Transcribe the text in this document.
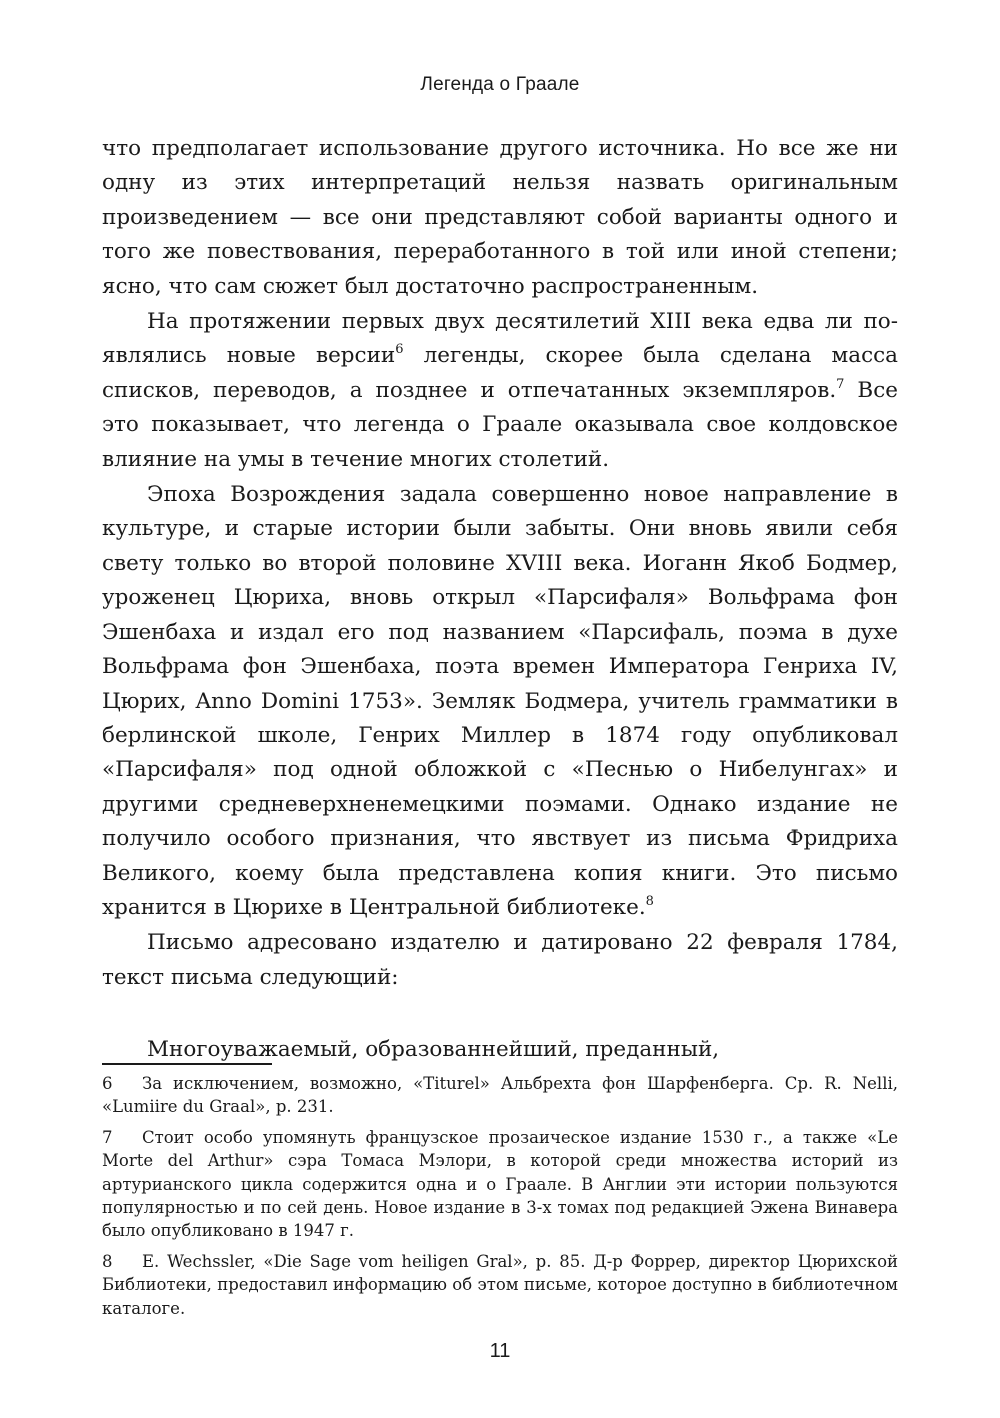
Легенда о Граале

что предполагает использование другого источника. Но все же ни одну из этих интерпретаций нельзя назвать оригинальным произведением — все они представляют собой варианты одного и того же повествования, переработанного в той или иной степени; ясно, что сам сюжет был достаточно распространенным.

На протяжении первых двух десятилетий XIII века едва ли появлялись новые версии$^6$ легенды, скорее была сделана масса списков, переводов, а позднее и отпечатанных экземпляров.$^7$ Все это показывает, что легенда о Граале оказывала свое колдовское влияние на умы в течение многих столетий.

Эпоха Возрождения задала совершенно новое направление в культуре, и старые истории были забыты. Они вновь явили себя свету только во второй половине XVIII века. Иоганн Якоб Бодмер, урожeнец Цюриха, вновь открыл «Парсифаля» Вольфрама фон Эшенбаха и издал его под названием «Парсифаль, поэма в духе Вольфрама фон Эшенбаха, поэта времен Императора Генриха IV, Цюрих, Anno Domini 1753». Земляк Бодмера, учитель грамматики в берлинской школе, Генрих Миллер в 1874 году опубликовал «Парсифаля» под одной обложкой с «Песнью о Нибелунгах» и другими средневерхненемецкими поэмами. Однако издание не получило особого признания, что явствует из письма Фридриха Великого, коему была представлена копия книги. Это письмо хранится в Цюрихе в Центральной библиотеке.$^8$

Письмо адресовано издателю и датировано 22 февраля 1784, текст письма следующий:

Многоуважаемый, образованнейший, преданный,

6 За исключением, возможно, «Titurel» Альбрехта фон Шарфенберга. Ср. R. Nelli, «Lumiire du Graal», р. 231.

7 Стоит особо упомянуть французское прозаическое издание 1530 г., а также «Le Morte del Arthur» сэра Томаса Мэлори, в которой среди множества историй из артурианского цикла содержится одна и о Граале. В Англии эти истории пользуются популярностью и по сей день. Новое издание в 3-х томах под редакцией Эжена Винавера было опубликовано в 1947 г.

8 E. Wechssler, «Die Sage vom heiligen Gral», р. 85. Д-р Форрер, директор Цюрихской Библиотеки, предоставил информацию об этом письме, которое доступно в библиотечном каталоге.

11
